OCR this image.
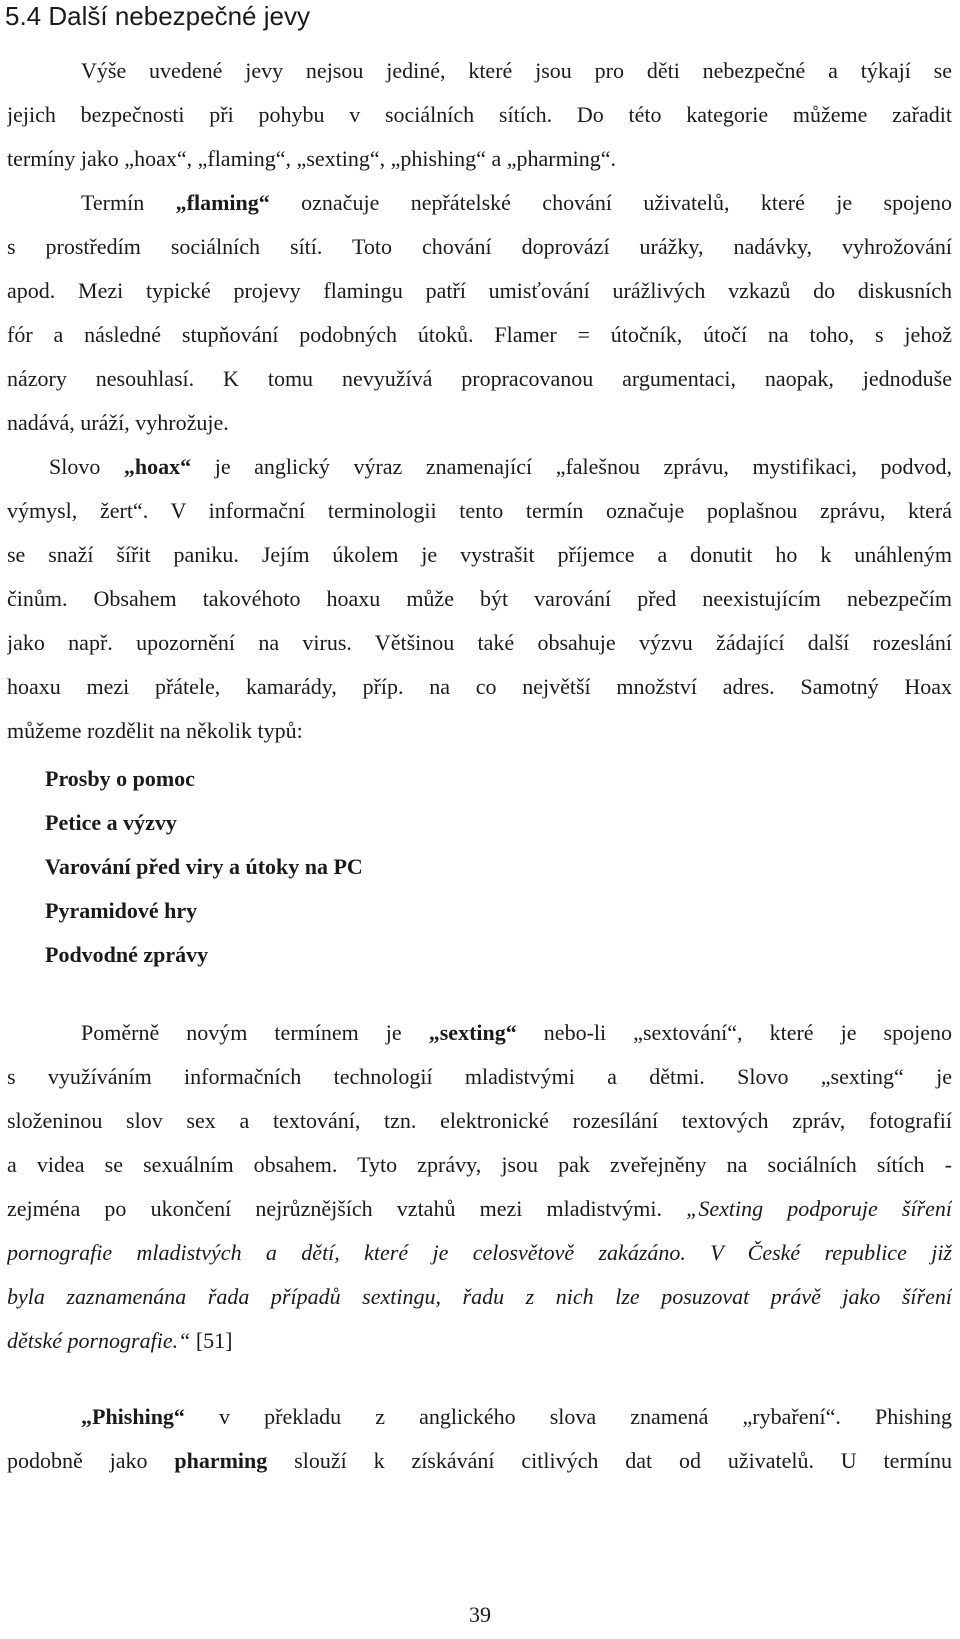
5.4 Další nebezpečné jevy
Výše uvedené jevy nejsou jediné, které jsou pro děti nebezpečné a týkají se
jejich bezpečnosti při pohybu v sociálních sítích. Do této kategorie můžeme zařadit
termíny jako „hoax“, „flaming“, „sexting“, „phishing“ a „pharming“.
Termín „flaming“ označuje nepřátelské chování uživatelů, které je spojeno
s prostředím sociálních sítí. Toto chování doprovází urážky, nadávky, vyhrožování
apod. Mezi typické projevy flamingu patří umisťování urážlivých vzkazů do diskusních
fór a následné stupňování podobných útoků. Flamer = útočník, útočí na toho, s jehož
názory nesouhlasí. K tomu nevyužívá propracovanou argumentaci, naopak, jednoduše
nadává, uráží, vyhrožuje.
Slovo „hoax“ je anglický výraz znamenající „falešnou zprávu, mystifikaci, podvod,
výmysl, žert“. V informační terminologii tento termín označuje poplašnou zprávu, která
se snaží šířit paniku. Jejím úkolem je vystrašit příjemce a donutit ho k unáhleným
činům. Obsahem takovéhoto hoaxu může být varování před neexistujícím nebezpečím
jako např. upozornění na virus. Většinou také obsahuje výzvu žádající další rozeslání
hoaxu mezi přátele, kamarády, příp. na co největší množství adres. Samotný Hoax
můžeme rozdělit na několik typů:
Prosby o pomoc
Petice a výzvy
Varování před viry a útoky na PC
Pyramidové hry
Podvodné zprávy
Poměrně novým termínem je „sexting“ nebo-li „sextování“, které je spojeno
s využíváním informačních technologií mladistvými a dětmi. Slovo „sexting“ je
složeninou slov sex a textování, tzn. elektronické rozesílání textových zpráv, fotografií
a videa se sexuálním obsahem. Tyto zprávy, jsou pak zveřejněny na sociálních sítích -
zejména po ukončení nejrůznějších vztahů mezi mladistvými. „Sexting podporuje šíření
pornografie mladistvých a dětí, které je celosvětově zakázáno. V České republice již
byla zaznamenána řada případů sextingu, řadu z nich lze posuzovat právě jako šíření
dětské pornografie.“ [51]
„Phishing“ v překladu z anglického slova znamená „rybaření“. Phishing
podobně jako pharming slouží k získávání citlivých dat od uživatelů. U termínu
39
